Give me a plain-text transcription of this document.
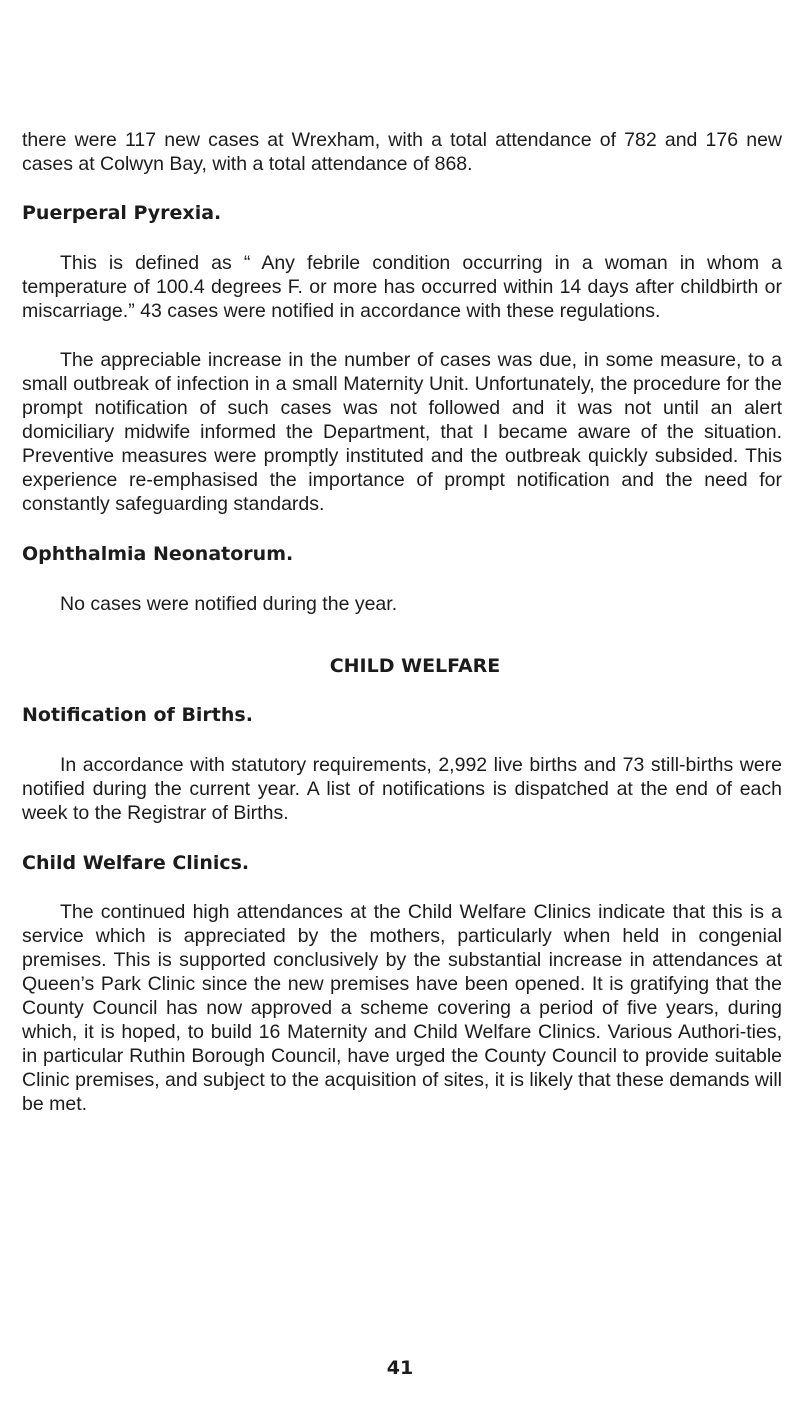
there were 117 new cases at Wrexham, with a total attendance of 782 and 176 new cases at Colwyn Bay, with a total attendance of 868.

Puerperal Pyrexia.

This is defined as “ Any febrile condition occurring in a woman in whom a temperature of 100.4 degrees F. or more has occurred within 14 days after childbirth or miscarriage.” 43 cases were notified in accordance with these regulations.

The appreciable increase in the number of cases was due, in some measure, to a small outbreak of infection in a small Maternity Unit. Unfortunately, the procedure for the prompt notification of such cases was not followed and it was not until an alert domiciliary midwife informed the Department, that I became aware of the situation. Preventive measures were promptly instituted and the outbreak quickly subsided. This experience re-emphasised the importance of prompt notification and the need for constantly safeguarding standards.

Ophthalmia Neonatorum.

No cases were notified during the year.

CHILD WELFARE

Notification of Births.

In accordance with statutory requirements, 2,992 live births and 73 still-births were notified during the current year. A list of notifications is dispatched at the end of each week to the Registrar of Births.

Child Welfare Clinics.

The continued high attendances at the Child Welfare Clinics indicate that this is a service which is appreciated by the mothers, particularly when held in congenial premises. This is supported conclusively by the substantial increase in attendances at Queen’s Park Clinic since the new premises have been opened. It is gratifying that the County Council has now approved a scheme covering a period of five years, during which, it is hoped, to build 16 Maternity and Child Welfare Clinics. Various Authori-ties, in particular Ruthin Borough Council, have urged the County Council to provide suitable Clinic premises, and subject to the acquisition of sites, it is likely that these demands will be met.

41
